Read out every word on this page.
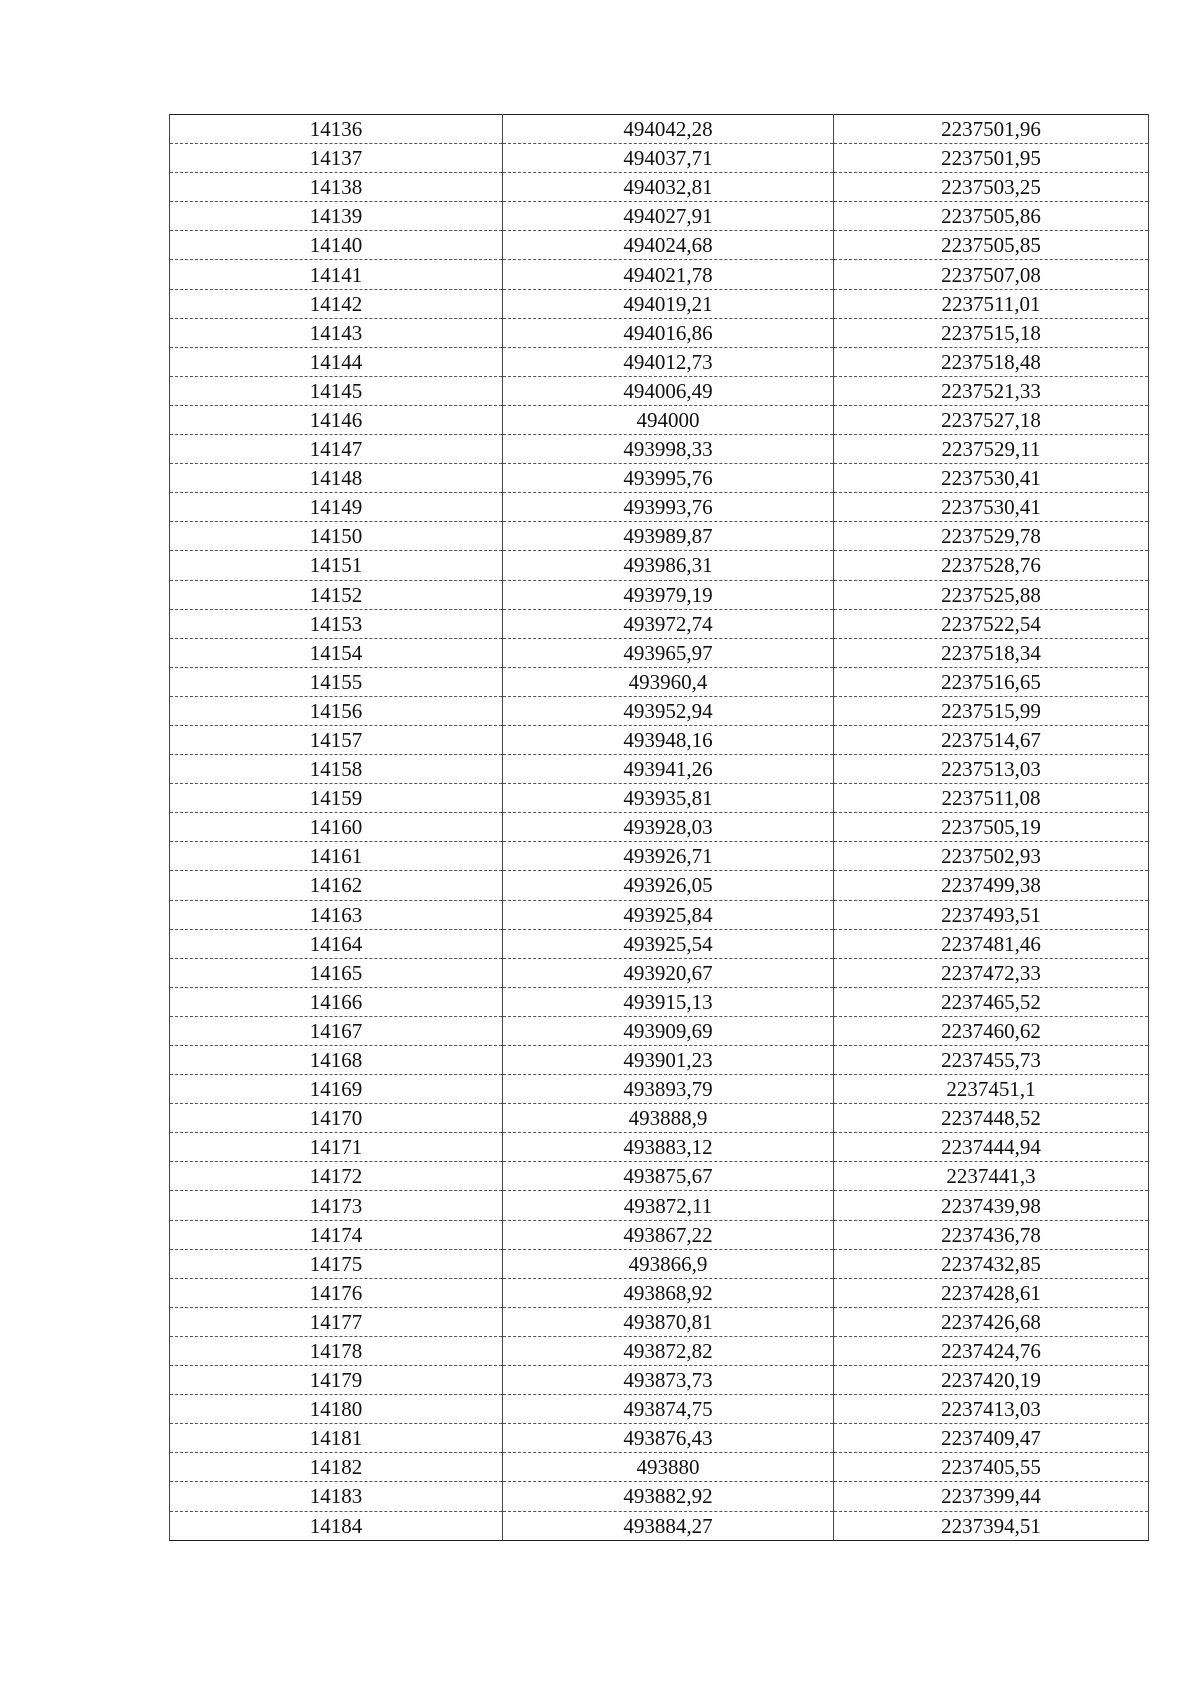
14136	494042,28	2237501,96
14137	494037,71	2237501,95
14138	494032,81	2237503,25
14139	494027,91	2237505,86
14140	494024,68	2237505,85
14141	494021,78	2237507,08
14142	494019,21	2237511,01
14143	494016,86	2237515,18
14144	494012,73	2237518,48
14145	494006,49	2237521,33
14146	494000	2237527,18
14147	493998,33	2237529,11
14148	493995,76	2237530,41
14149	493993,76	2237530,41
14150	493989,87	2237529,78
14151	493986,31	2237528,76
14152	493979,19	2237525,88
14153	493972,74	2237522,54
14154	493965,97	2237518,34
14155	493960,4	2237516,65
14156	493952,94	2237515,99
14157	493948,16	2237514,67
14158	493941,26	2237513,03
14159	493935,81	2237511,08
14160	493928,03	2237505,19
14161	493926,71	2237502,93
14162	493926,05	2237499,38
14163	493925,84	2237493,51
14164	493925,54	2237481,46
14165	493920,67	2237472,33
14166	493915,13	2237465,52
14167	493909,69	2237460,62
14168	493901,23	2237455,73
14169	493893,79	2237451,1
14170	493888,9	2237448,52
14171	493883,12	2237444,94
14172	493875,67	2237441,3
14173	493872,11	2237439,98
14174	493867,22	2237436,78
14175	493866,9	2237432,85
14176	493868,92	2237428,61
14177	493870,81	2237426,68
14178	493872,82	2237424,76
14179	493873,73	2237420,19
14180	493874,75	2237413,03
14181	493876,43	2237409,47
14182	493880	2237405,55
14183	493882,92	2237399,44
14184	493884,27	2237394,51
